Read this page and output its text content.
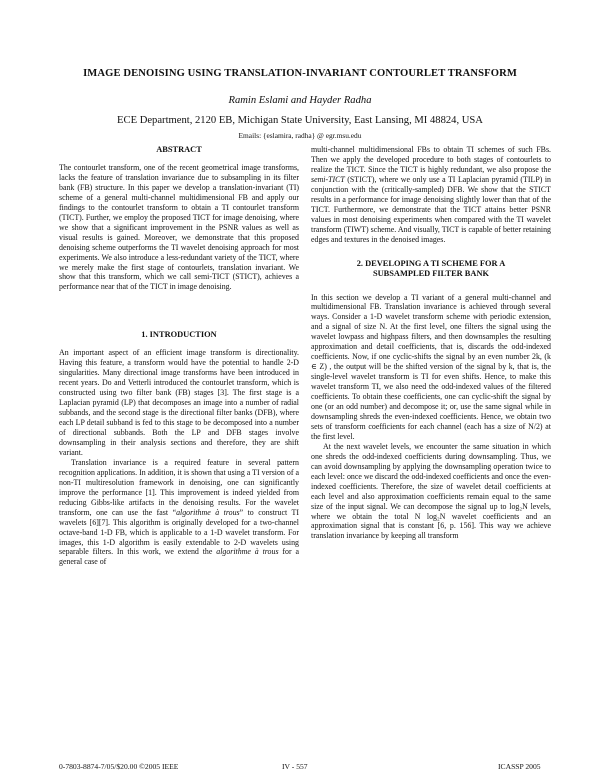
IMAGE DENOISING USING TRANSLATION-INVARIANT CONTOURLET TRANSFORM

Ramin Eslami and Hayder Radha

ECE Department, 2120 EB, Michigan State University, East Lansing, MI 48824, USA

Emails: {eslamira, radha} @ egr.msu.edu

ABSTRACT

The contourlet transform, one of the recent geometrical image transforms, lacks the feature of translation invariance due to subsampling in its filter bank (FB) structure. In this paper we develop a translation-invariant (TI) scheme of a general multi-channel multidimensional FB and apply our findings to the contourlet transform to obtain a TI contourlet transform (TICT). Further, we employ the proposed TICT for image denoising, where we show that a significant improvement in the PSNR values as well as visual results is gained. Moreover, we demonstrate that this proposed denoising scheme outperforms the TI wavelet denoising approach for most experiments. We also introduce a less-redundant variety of the TICT, where we merely make the first stage of contourlets, translation invariant. We show that this transform, which we call semi-TICT (STICT), achieves a performance near that of the TICT in image denoising.

1. INTRODUCTION

An important aspect of an efficient image transform is directionality. Having this feature, a transform would have the potential to handle 2-D singularities. Many directional image transforms have been introduced in recent years. Do and Vetterli introduced the contourlet transform, which is constructed using two filter bank (FB) stages [3]. The first stage is a Laplacian pyramid (LP) that decomposes an image into a number of radial subbands, and the second stage is the directional filter banks (DFB), where each LP detail subband is fed to this stage to be decomposed into a number of directional subbands. Both the LP and DFB stages involve downsampling in their analysis sections and therefore, they are shift variant.

Translation invariance is a required feature in several pattern recognition applications. In addition, it is shown that using a TI version of a non-TI multiresolution framework in denoising, one can significantly improve the performance [1]. This improvement is indeed yielded from reducing Gibbs-like artifacts in the denoising results. For the wavelet transform, one can use the fast “algorithme à trous” to construct TI wavelets [6][7]. This algorithm is originally developed for a two-channel octave-band 1-D FB, which is applicable to a 1-D wavelet transform. For images, this 1-D algorithm is easily extendable to 2-D wavelets using separable filters. In this work, we extend the algorithme à trous for a general case of

multi-channel multidimensional FBs to obtain TI schemes of such FBs. Then we apply the developed procedure to both stages of contourlets to realize the TICT. Since the TICT is highly redundant, we also propose the semi-TICT (STICT), where we only use a TI Laplacian pyramid (TILP) in conjunction with the (critically-sampled) DFB. We show that the STICT results in a performance for image denoising slightly lower than that of the TICT. Furthermore, we demonstrate that the TICT attains better PSNR values in most denoising experiments when compared with the TI wavelet transform (TIWT) scheme. And visually, TICT is capable of better retaining edges and textures in the denoised images.

2. DEVELOPING A TI SCHEME FOR A

SUBSAMPLED FILTER BANK

In this section we develop a TI variant of a general multi-channel and multidimensional FB. Translation invariance is achieved through several ways. Consider a 1-D wavelet transform scheme with periodic extension, and a signal of size N. At the first level, one filters the signal using the wavelet lowpass and highpass filters, and then downsamples the resulting approximation and detail coefficients, that is, discards the odd-indexed coefficients. Now, if one cyclic-shifts the signal by an even number 2k, (k ∈ Z) , the output will be the shifted version of the signal by k, that is, the single-level wavelet transform is TI for even shifts. Hence, to make this wavelet transform TI, we also need the odd-indexed values of the filtered coefficients. To obtain these coefficients, one can cyclic-shift the signal by one (or an odd number) and decompose it; or, use the same signal while in downsampling shreds the even-indexed coefficients. Hence, we obtain two sets of transform coefficients for each channel (each has a size of N/2) at the first level.

At the next wavelet levels, we encounter the same situation in which one shreds the odd-indexed coefficients during downsampling. Thus, we can avoid downsampling by applying the downsampling operation twice to each level: once we discard the odd-indexed coefficients and once the even-indexed coefficients. Therefore, the size of wavelet detail coefficients at each level and also approximation coefficients remain equal to the same size of the input signal. We can decompose the signal up to log₂N levels, where we obtain the total N log₂N wavelet coefficients and an approximation signal that is constant [6, p. 156]. This way we achieve translation invariance by keeping all transform

0-7803-8874-7/05/$20.00 ©2005 IEEE	IV - 557	ICASSP 2005
